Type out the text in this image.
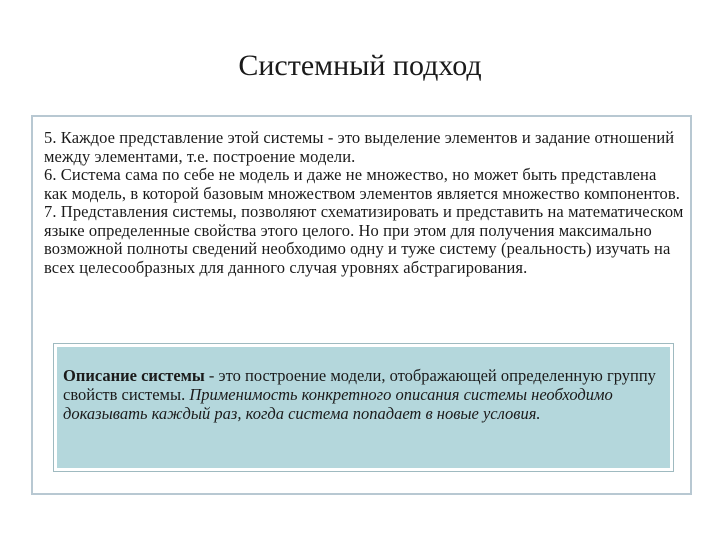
Системный подход

5. Каждое представление этой системы - это выделение элементов и задание отношений между элементами, т.е. построение модели.

6. Система сама по себе не модель и даже не множество, но может быть представлена как модель, в которой базовым множеством элементов является множество компонентов.

7. Представления системы, позволяют схематизировать и представить на математическом языке определенные свойства этого целого. Но при этом для получения максимально возможной полноты сведений необходимо одну и туже систему (реальность) изучать на всех целесообразных для данного случая уровнях абстрагирования.

Описание системы - это построение модели, отображающей определенную группу свойств системы. Применимость конкретного описания системы необходимо доказывать каждый раз, когда система попадает в новые условия.
